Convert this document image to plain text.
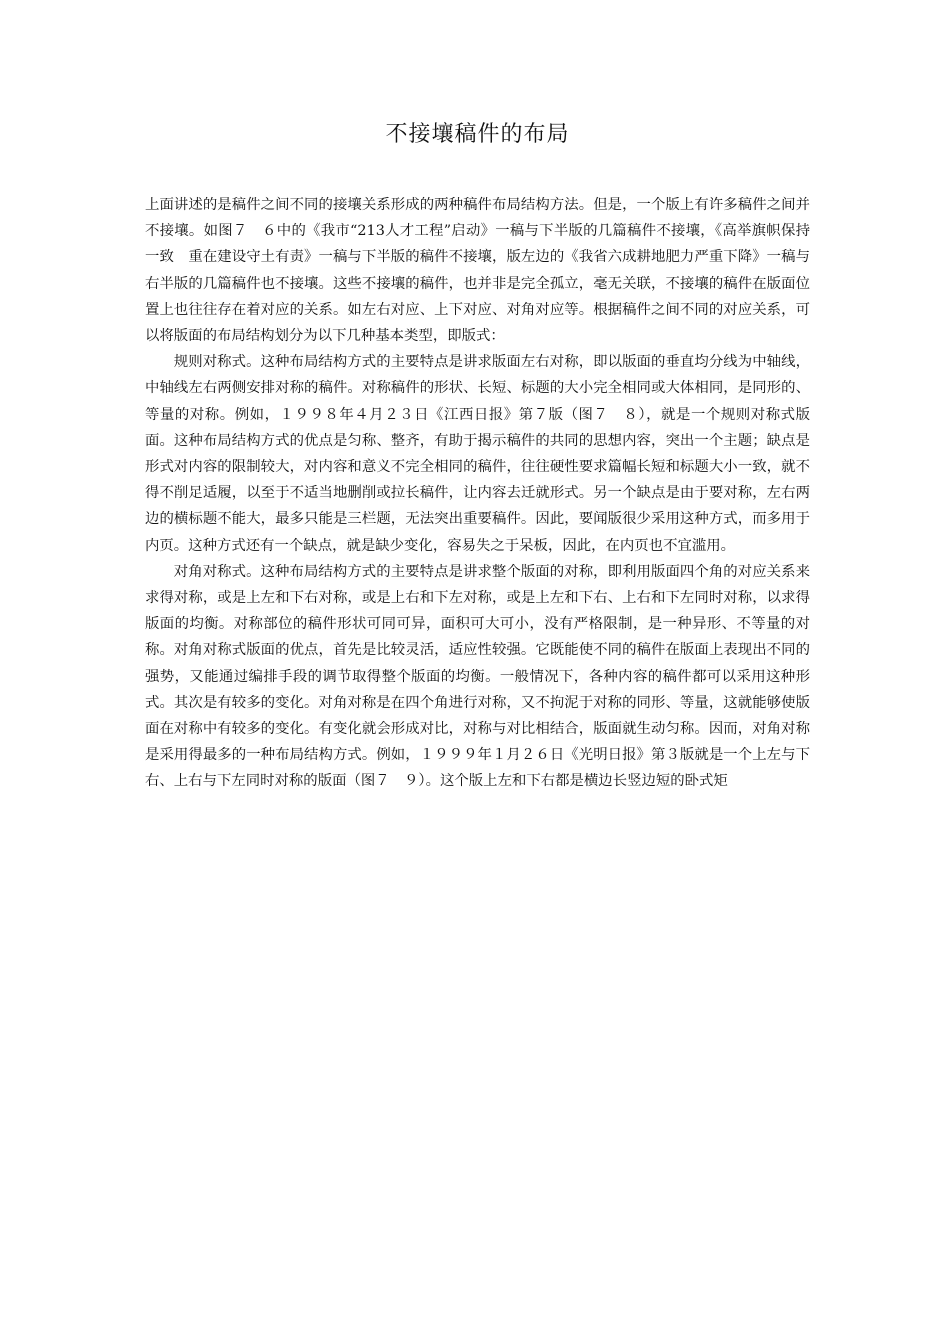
不接壤稿件的布局

上面讲述的是稿件之间不同的接壤关系形成的两种稿件布局结构方法。但是，一个版上有许多稿件之间并不接壤。如图７　６中的《我市“213人才工程”启动》一稿与下半版的几篇稿件不接壤，《高举旗帜保持一致　重在建设守土有责》一稿与下半版的稿件不接壤，版左边的《我省六成耕地肥力严重下降》一稿与右半版的几篇稿件也不接壤。这些不接壤的稿件，也并非是完全孤立，毫无关联，不接壤的稿件在版面位置上也往往存在着对应的关系。如左右对应、上下对应、对角对应等。根据稿件之间不同的对应关系，可以将版面的布局结构划分为以下几种基本类型，即版式：

规则对称式。这种布局结构方式的主要特点是讲求版面左右对称，即以版面的垂直均分线为中轴线，中轴线左右两侧安排对称的稿件。对称稿件的形状、长短、标题的大小完全相同或大体相同，是同形的、等量的对称。例如，１９９８年４月２３日《江西日报》第７版（图７　８），就是一个规则对称式版面。这种布局结构方式的优点是匀称、整齐，有助于揭示稿件的共同的思想内容，突出一个主题；缺点是形式对内容的限制较大，对内容和意义不完全相同的稿件，往往硬性要求篇幅长短和标题大小一致，就不得不削足适履，以至于不适当地删削或拉长稿件，让内容去迁就形式。另一个缺点是由于要对称，左右两边的横标题不能大，最多只能是三栏题，无法突出重要稿件。因此，要闻版很少采用这种方式，而多用于内页。这种方式还有一个缺点，就是缺少变化，容易失之于呆板，因此，在内页也不宜滥用。

对角对称式。这种布局结构方式的主要特点是讲求整个版面的对称，即利用版面四个角的对应关系来求得对称，或是上左和下右对称，或是上右和下左对称，或是上左和下右、上右和下左同时对称，以求得版面的均衡。对称部位的稿件形状可同可异，面积可大可小，没有严格限制，是一种异形、不等量的对称。对角对称式版面的优点，首先是比较灵活，适应性较强。它既能使不同的稿件在版面上表现出不同的强势，又能通过编排手段的调节取得整个版面的均衡。一般情况下，各种内容的稿件都可以采用这种形式。其次是有较多的变化。对角对称是在四个角进行对称，又不拘泥于对称的同形、等量，这就能够使版面在对称中有较多的变化。有变化就会形成对比，对称与对比相结合，版面就生动匀称。因而，对角对称是采用得最多的一种布局结构方式。例如，１９９９年１月２６日《光明日报》第３版就是一个上左与下右、上右与下左同时对称的版面（图７　９）。这个版上左和下右都是横边长竖边短的卧式矩
